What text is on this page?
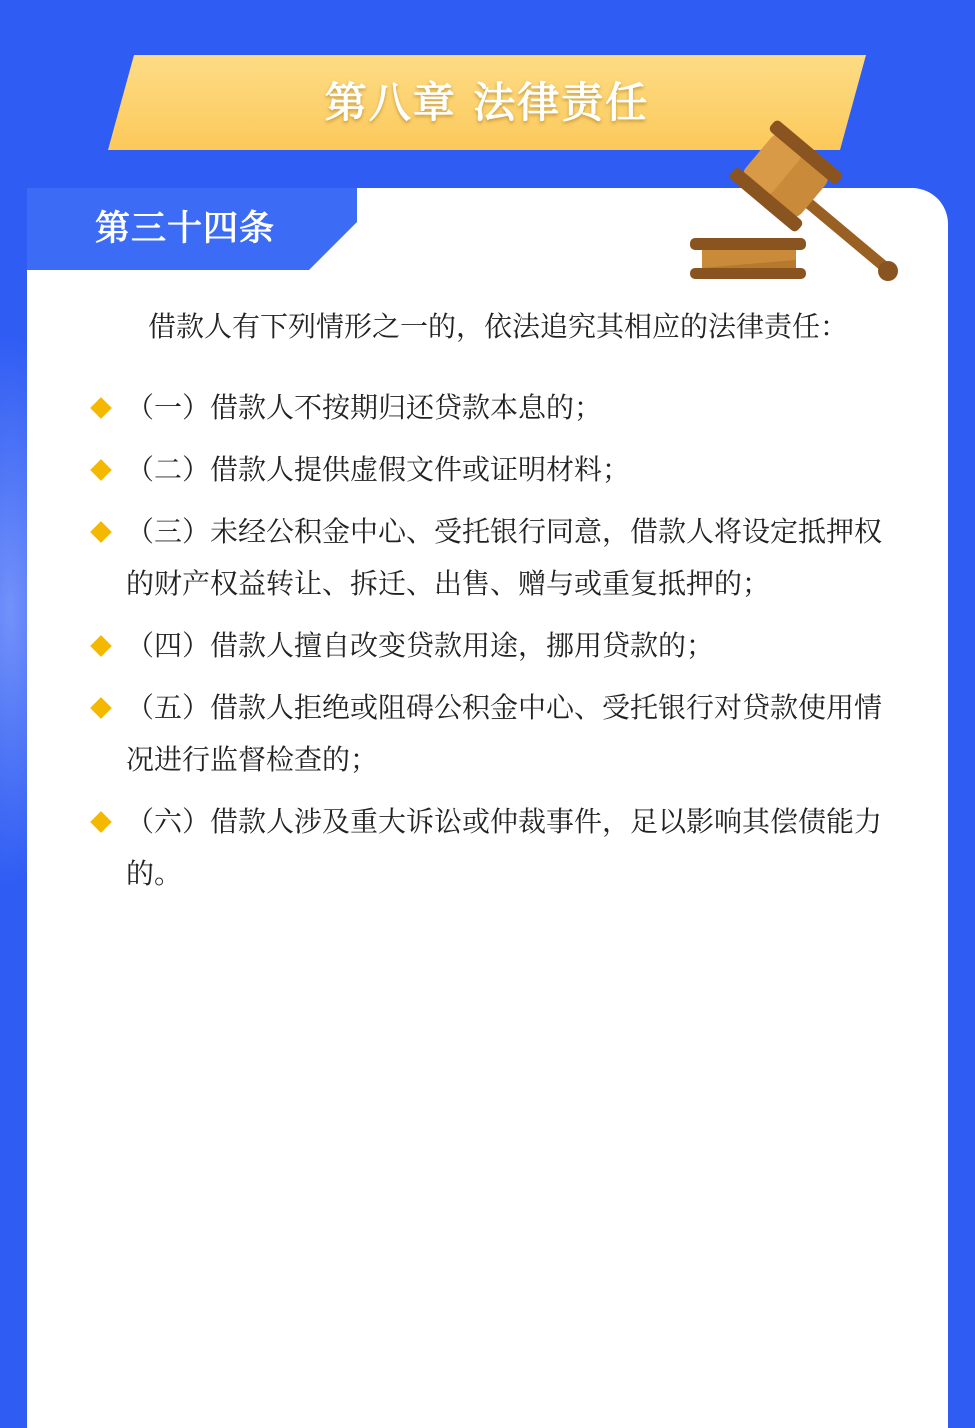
第八章 法律责任
第三十四条
借款人有下列情形之一的，依法追究其相应的法律责任：
（一）借款人不按期归还贷款本息的；
（二）借款人提供虚假文件或证明材料；
（三）未经公积金中心、受托银行同意，借款人将设定抵押权的财产权益转让、拆迁、出售、赠与或重复抵押的；
（四）借款人擅自改变贷款用途，挪用贷款的；
（五）借款人拒绝或阻碍公积金中心、受托银行对贷款使用情况进行监督检查的；
（六）借款人涉及重大诉讼或仲裁事件，足以影响其偿债能力的。
